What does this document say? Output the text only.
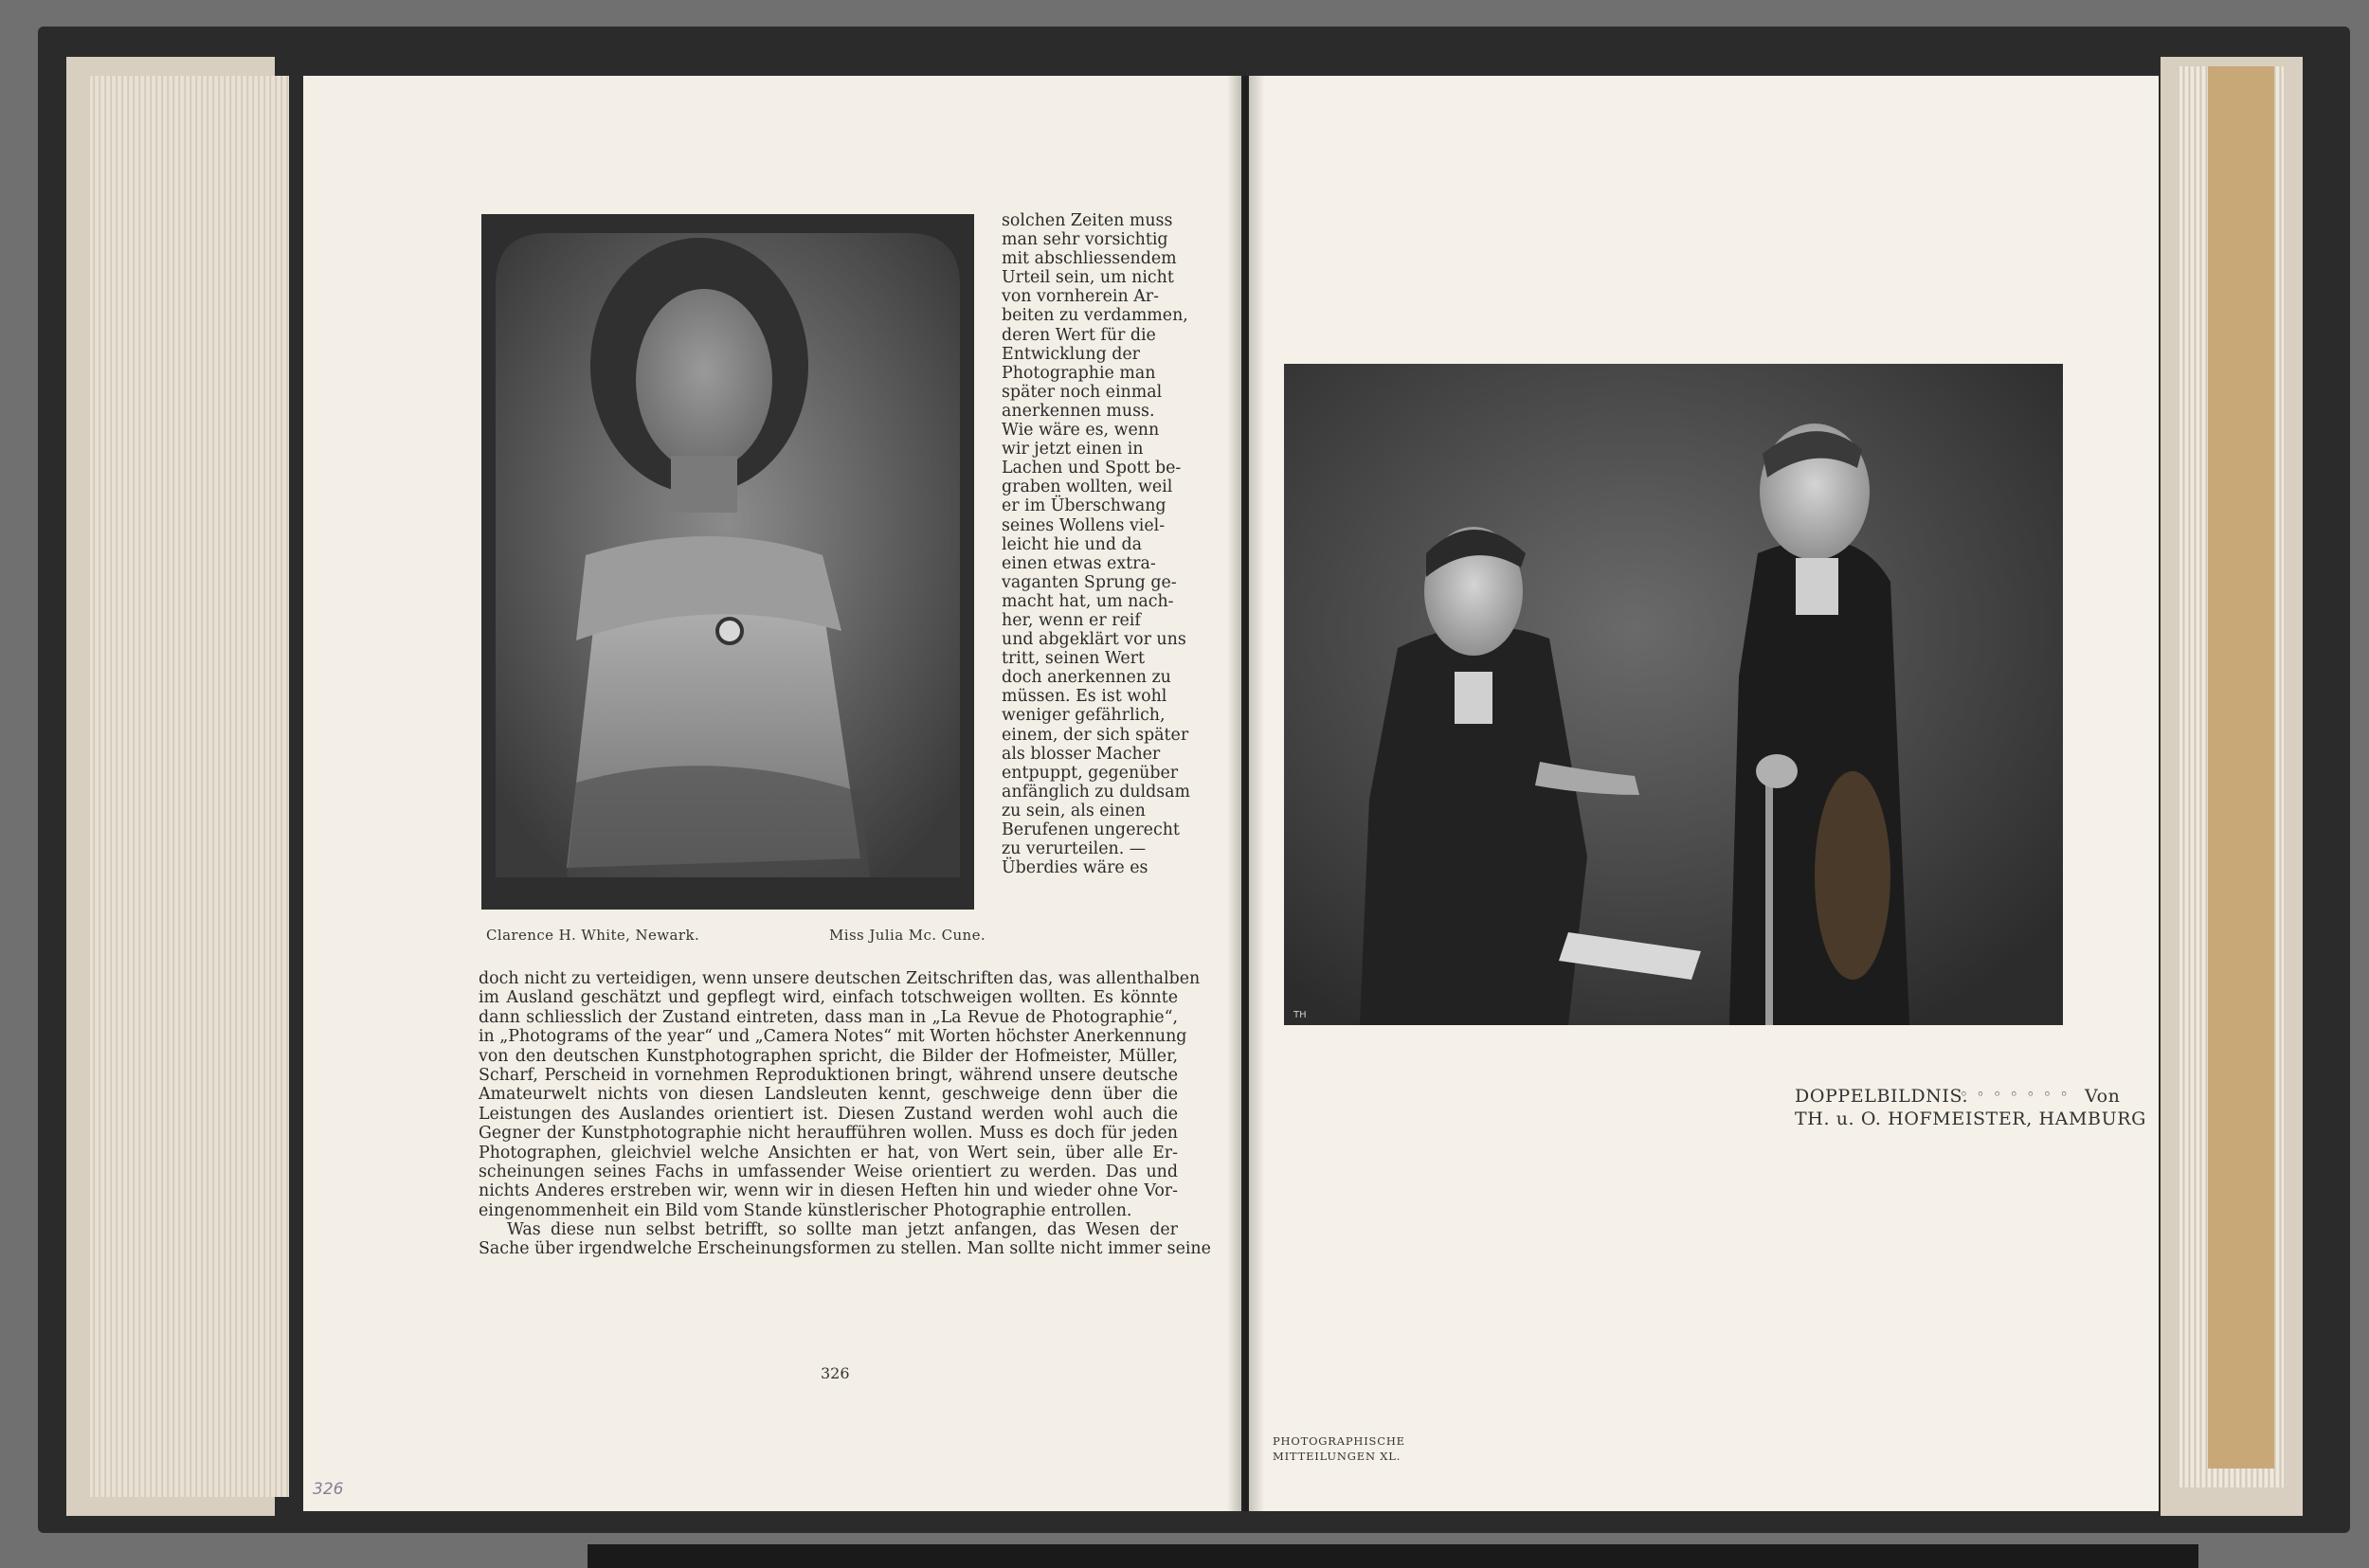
Clarence H. White, Newark.	Miss Julia Mc. Cune.
solchen Zeiten muss
man sehr vorsichtig
mit abschliessendem
Urteil sein, um nicht
von vornherein Ar-
beiten zu verdammen,
deren Wert für die
Entwicklung der
Photographie man
später noch einmal
anerkennen muss.
Wie wäre es, wenn
wir jetzt einen in
Lachen und Spott be-
graben wollten, weil
er im Überschwang
seines Wollens viel-
leicht hie und da
einen etwas extra-
vaganten Sprung ge-
macht hat, um nach-
her, wenn er reif
und abgeklärt vor uns
tritt, seinen Wert
doch anerkennen zu
müssen. Es ist wohl
weniger gefährlich,
einem, der sich später
als blosser Macher
entpuppt, gegenüber
anfänglich zu duldsam
zu sein, als einen
Berufenen ungerecht
zu verurteilen. —
Überdies wäre es
doch nicht zu verteidigen, wenn unsere deutschen Zeitschriften das, was allenthalben
im Ausland geschätzt und gepflegt wird, einfach totschweigen wollten. Es könnte
dann schliesslich der Zustand eintreten, dass man in „La Revue de Photographie“,
in „Photograms of the year“ und „Camera Notes“ mit Worten höchster Anerkennung
von den deutschen Kunstphotographen spricht, die Bilder der Hofmeister, Müller,
Scharf, Perscheid in vornehmen Reproduktionen bringt, während unsere deutsche
Amateurwelt nichts von diesen Landsleuten kennt, geschweige denn über die
Leistungen des Auslandes orientiert ist. Diesen Zustand werden wohl auch die
Gegner der Kunstphotographie nicht heraufführen wollen. Muss es doch für jeden
Photographen, gleichviel welche Ansichten er hat, von Wert sein, über alle Er-
scheinungen seines Fachs in umfassender Weise orientiert zu werden. Das und
nichts Anderes erstreben wir, wenn wir in diesen Heften hin und wieder ohne Vor-
eingenommenheit ein Bild vom Stande künstlerischer Photographie entrollen.
Was diese nun selbst betrifft, so sollte man jetzt anfangen, das Wesen der
Sache über irgendwelche Erscheinungsformen zu stellen. Man sollte nicht immer seine
326
326
TH
DOPPELBILDNIS.
◦ ◦ ◦ ◦ ◦ ◦ ◦ Von
TH. u. O. HOFMEISTER, HAMBURG
PHOTOGRAPHISCHE
MITTEILUNGEN XL.
